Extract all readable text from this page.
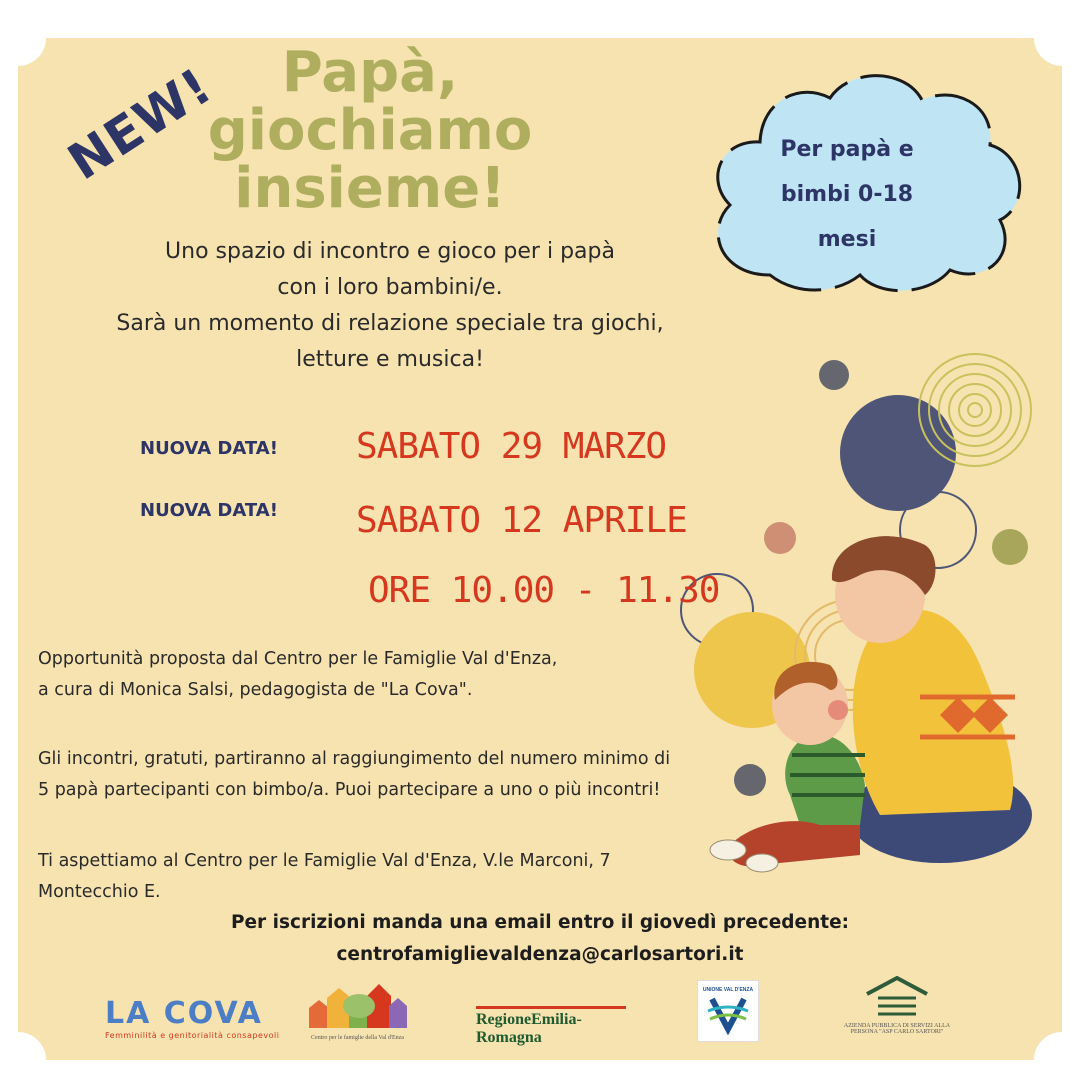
Per papà e
bimbi 0-18
mesi
NEW!	Papà,
giochiamo
insieme!
Uno spazio di incontro e gioco per i papà
con i loro bambini/e.
Sarà un momento di relazione speciale tra giochi,
letture e musica!
NUOVA DATA! SABATO 29 MARZO
NUOVA DATA! SABATO 12 APRILE
ORE 10.00 - 11.30
Opportunità proposta dal Centro per le Famiglie Val d'Enza,
a cura di Monica Salsi, pedagogista de "La Cova".
Gli incontri, gratuti, partiranno al raggiungimento del numero minimo di
5 papà partecipanti con bimbo/a. Puoi partecipare a uno o più incontri!
Ti aspettiamo al Centro per le Famiglie Val d'Enza, V.le Marconi, 7
Montecchio E.
Per iscrizioni manda una email entro il giovedì precedente:
centrofamiglievaldenza@carlosartori.it
LA COVA
Femminilità e genitorialità consapevoli	Centro per le famiglie della Val d'Enza
RegioneEmilia-Romagna
UNIONE VAL D'ENZA
AZIENDA PUBBLICA DI SERVIZI ALLA PERSONA "ASP CARLO SARTORI"
